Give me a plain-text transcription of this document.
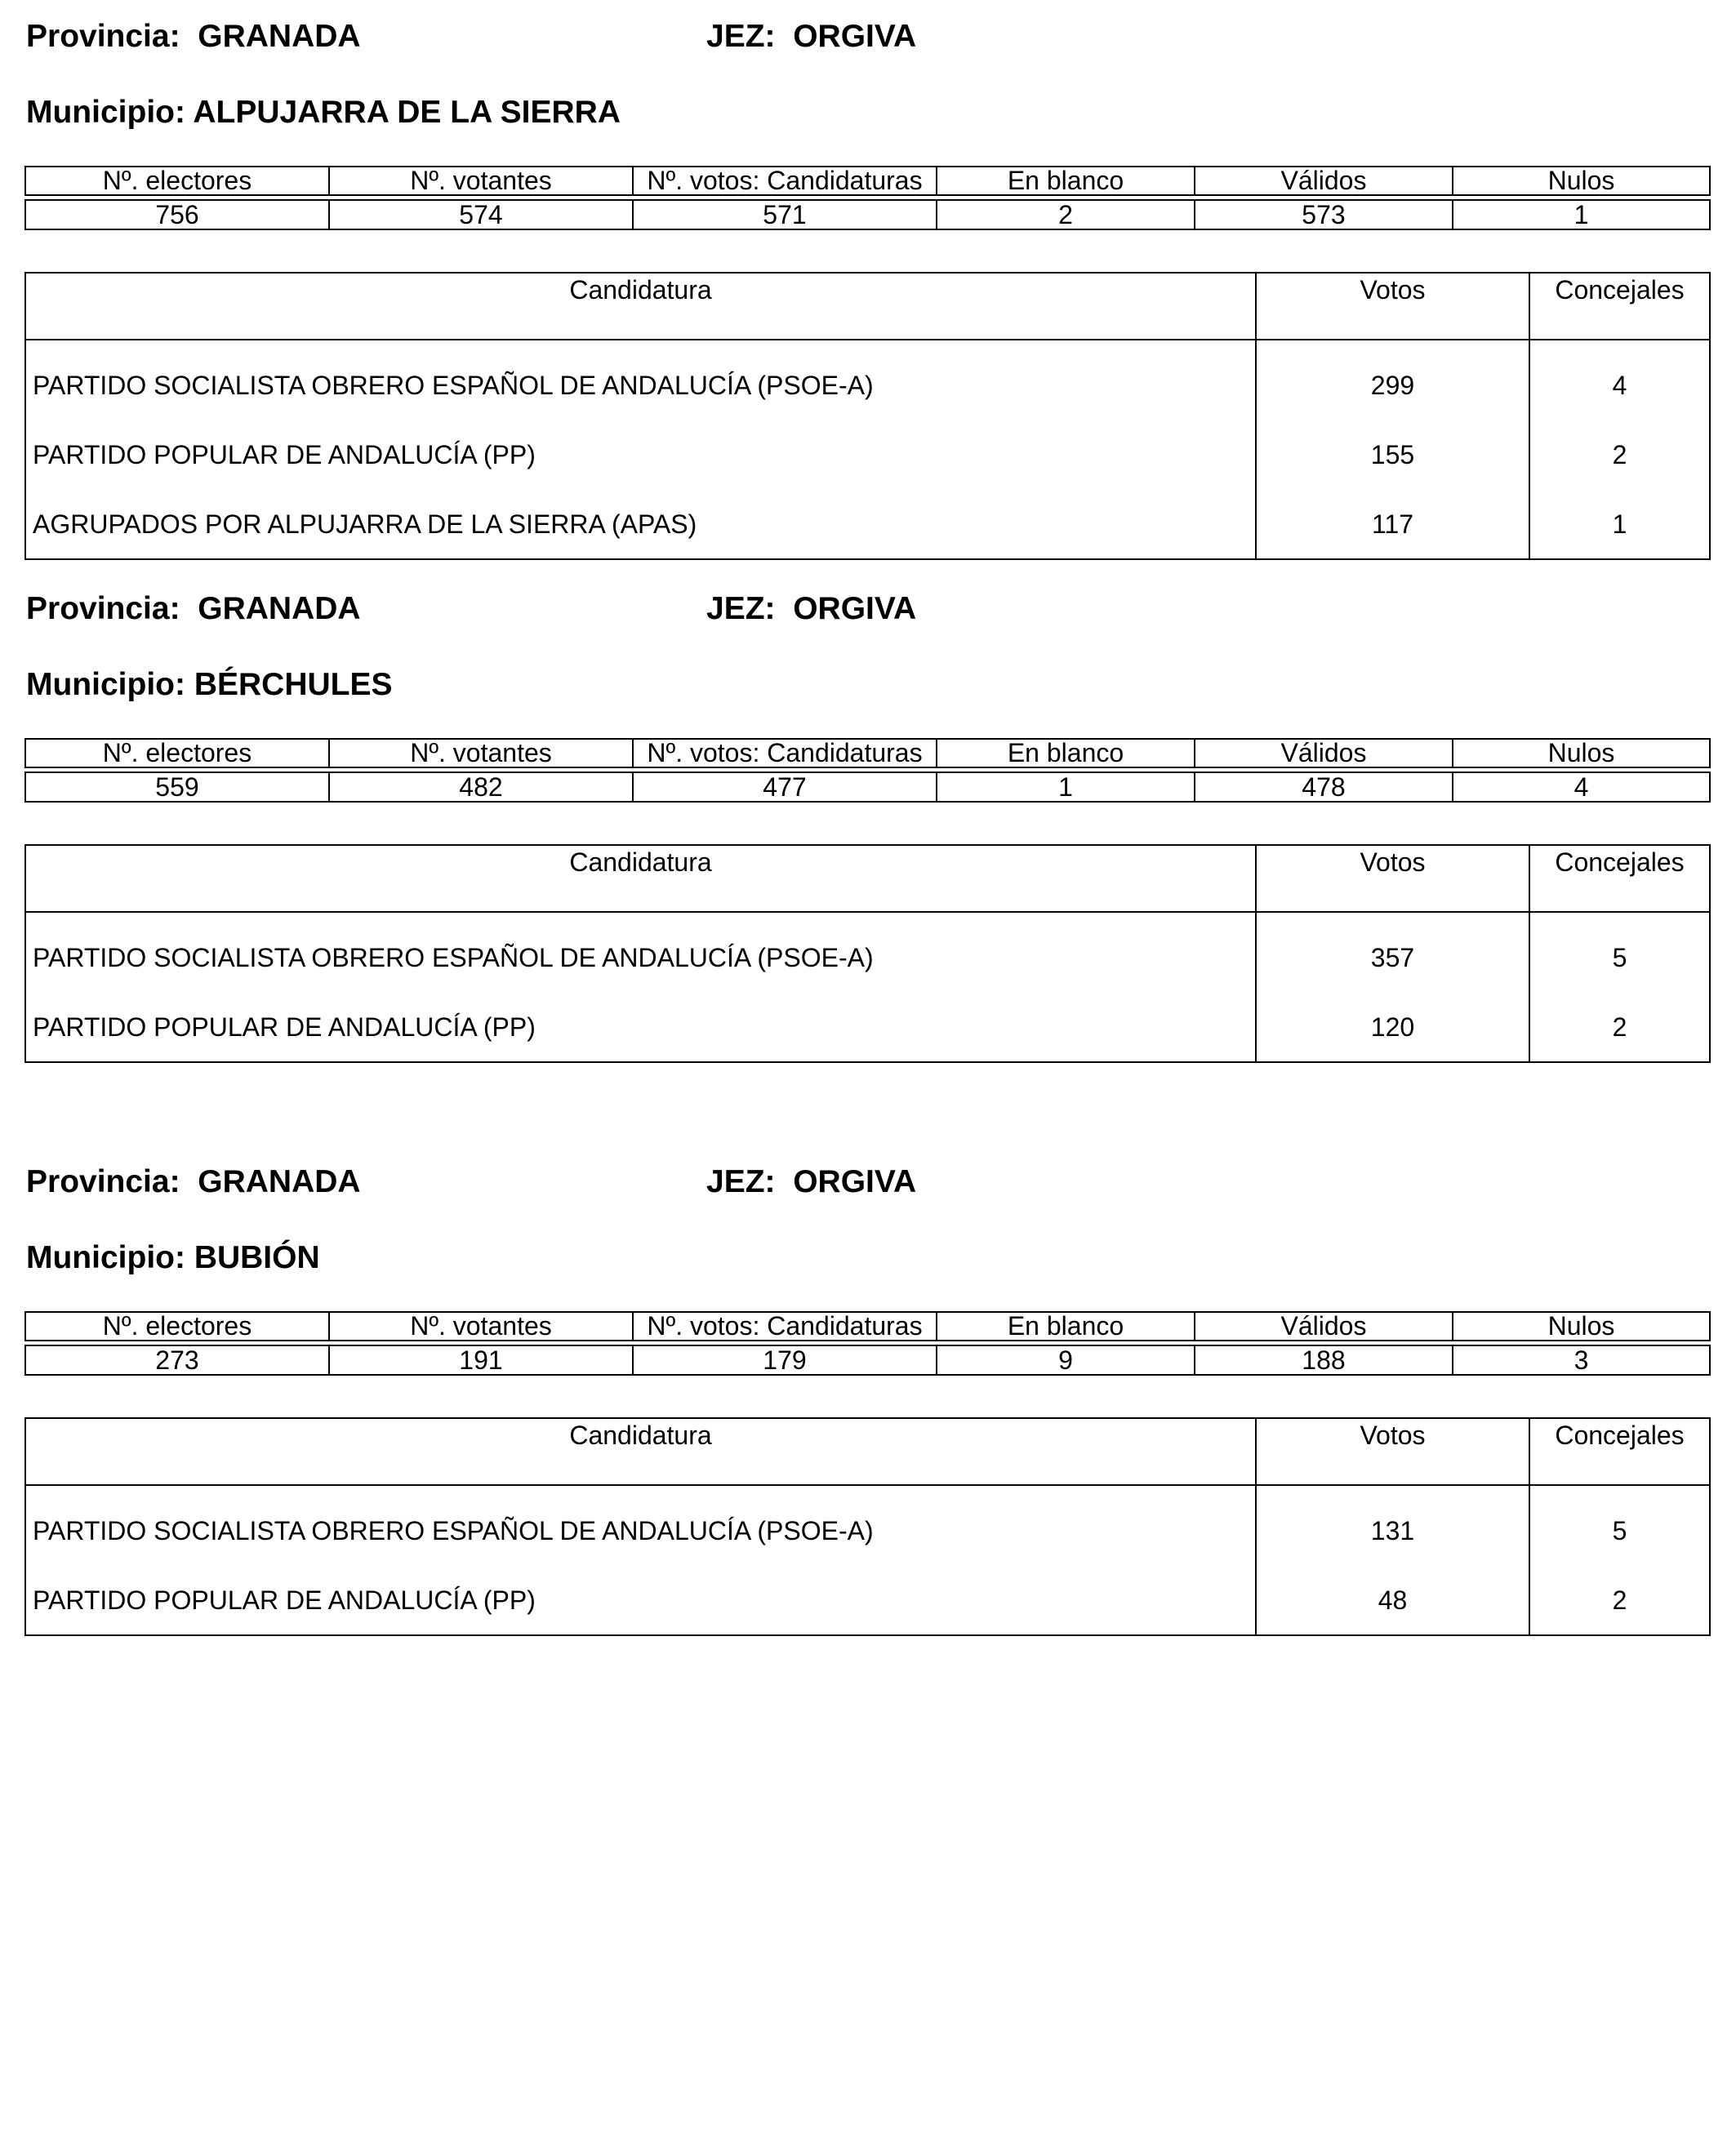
Provincia: GRANADA	JEZ: ORGIVA
Municipio: ALPUJARRA DE LA SIERRA
Nº. electores	Nº. votantes	Nº. votos: Candidaturas	En blanco	Válidos	Nulos

756	574	571	2	573	1
Candidatura	Votos	Concejales
PARTIDO SOCIALISTA OBRERO ESPAÑOL DE ANDALUCÍA (PSOE-A)	299	4
PARTIDO POPULAR DE ANDALUCÍA (PP)	155	2
AGRUPADOS POR ALPUJARRA DE LA SIERRA (APAS)	117	1
Provincia: GRANADA	JEZ: ORGIVA
Municipio: BÉRCHULES
Nº. electores	Nº. votantes	Nº. votos: Candidaturas	En blanco	Válidos	Nulos

559	482	477	1	478	4
Candidatura	Votos	Concejales
PARTIDO SOCIALISTA OBRERO ESPAÑOL DE ANDALUCÍA (PSOE-A)	357	5
PARTIDO POPULAR DE ANDALUCÍA (PP)	120	2
Provincia: GRANADA	JEZ: ORGIVA
Municipio: BUBIÓN
Nº. electores	Nº. votantes	Nº. votos: Candidaturas	En blanco	Válidos	Nulos

273	191	179	9	188	3
Candidatura	Votos	Concejales
PARTIDO SOCIALISTA OBRERO ESPAÑOL DE ANDALUCÍA (PSOE-A)	131	5
PARTIDO POPULAR DE ANDALUCÍA (PP)	48	2
